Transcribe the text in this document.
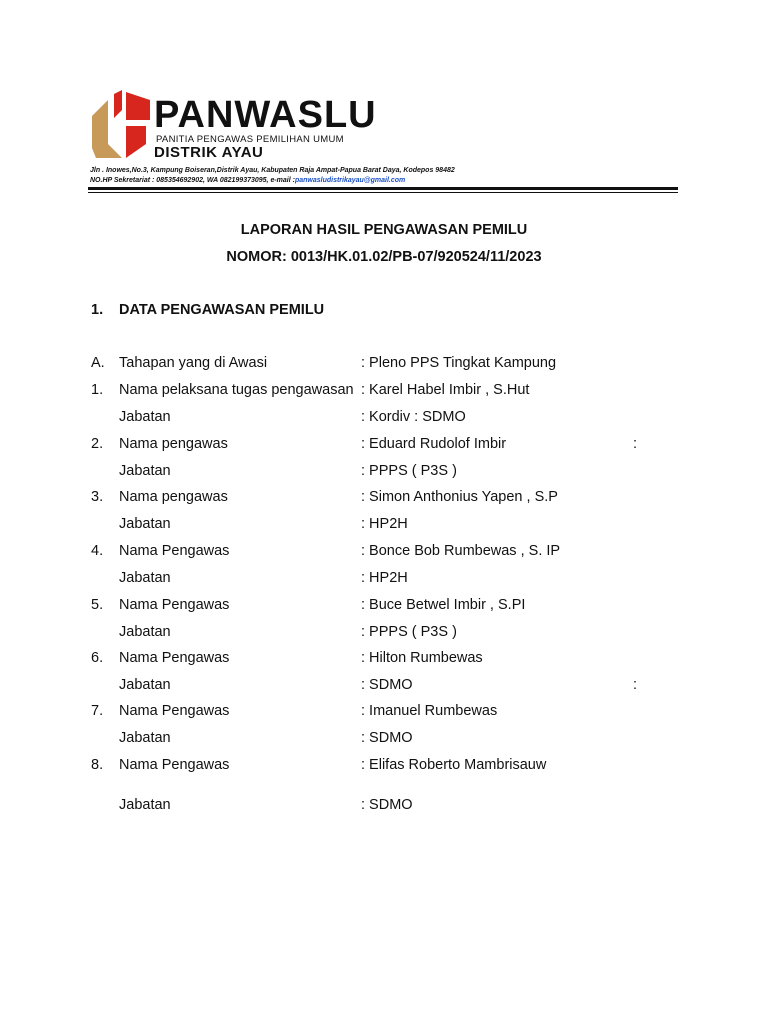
PANWASLU
PANITIA PENGAWAS PEMILIHAN UMUM
DISTRIK AYAU
Jln . Inowes,No.3, Kampung Boiseran,Distrik Ayau, Kabupaten Raja Ampat-Papua Barat Daya, Kodepos 98482
NO.HP Sekretariat : 085354692902, WA 082199373095, e-mail :panwasludistrikayau@gmail.com
LAPORAN HASIL PENGAWASAN PEMILU
NOMOR: 0013/HK.01.02/PB-07/920524/11/2023
1. DATA PENGAWASAN PEMILU
A. Tahapan yang di Awasi	: Pleno PPS Tingkat Kampung
1. Nama pelaksana tugas pengawasan : Karel Habel Imbir , S.Hut
Jabatan	: Kordiv : SDMO
2. Nama pengawas	: Eduard Rudolof Imbir	:
Jabatan	: PPPS ( P3S )
3. Nama pengawas	: Simon Anthonius Yapen , S.P
Jabatan	: HP2H
4. Nama Pengawas	: Bonce Bob Rumbewas , S. IP
Jabatan	: HP2H
5. Nama Pengawas	: Buce Betwel Imbir , S.PI
Jabatan	: PPPS ( P3S )
6. Nama Pengawas	: Hilton Rumbewas
Jabatan	: SDMO	:
7. Nama Pengawas	: Imanuel Rumbewas
Jabatan	: SDMO
8. Nama Pengawas	: Elifas Roberto Mambrisauw
Jabatan	: SDMO
